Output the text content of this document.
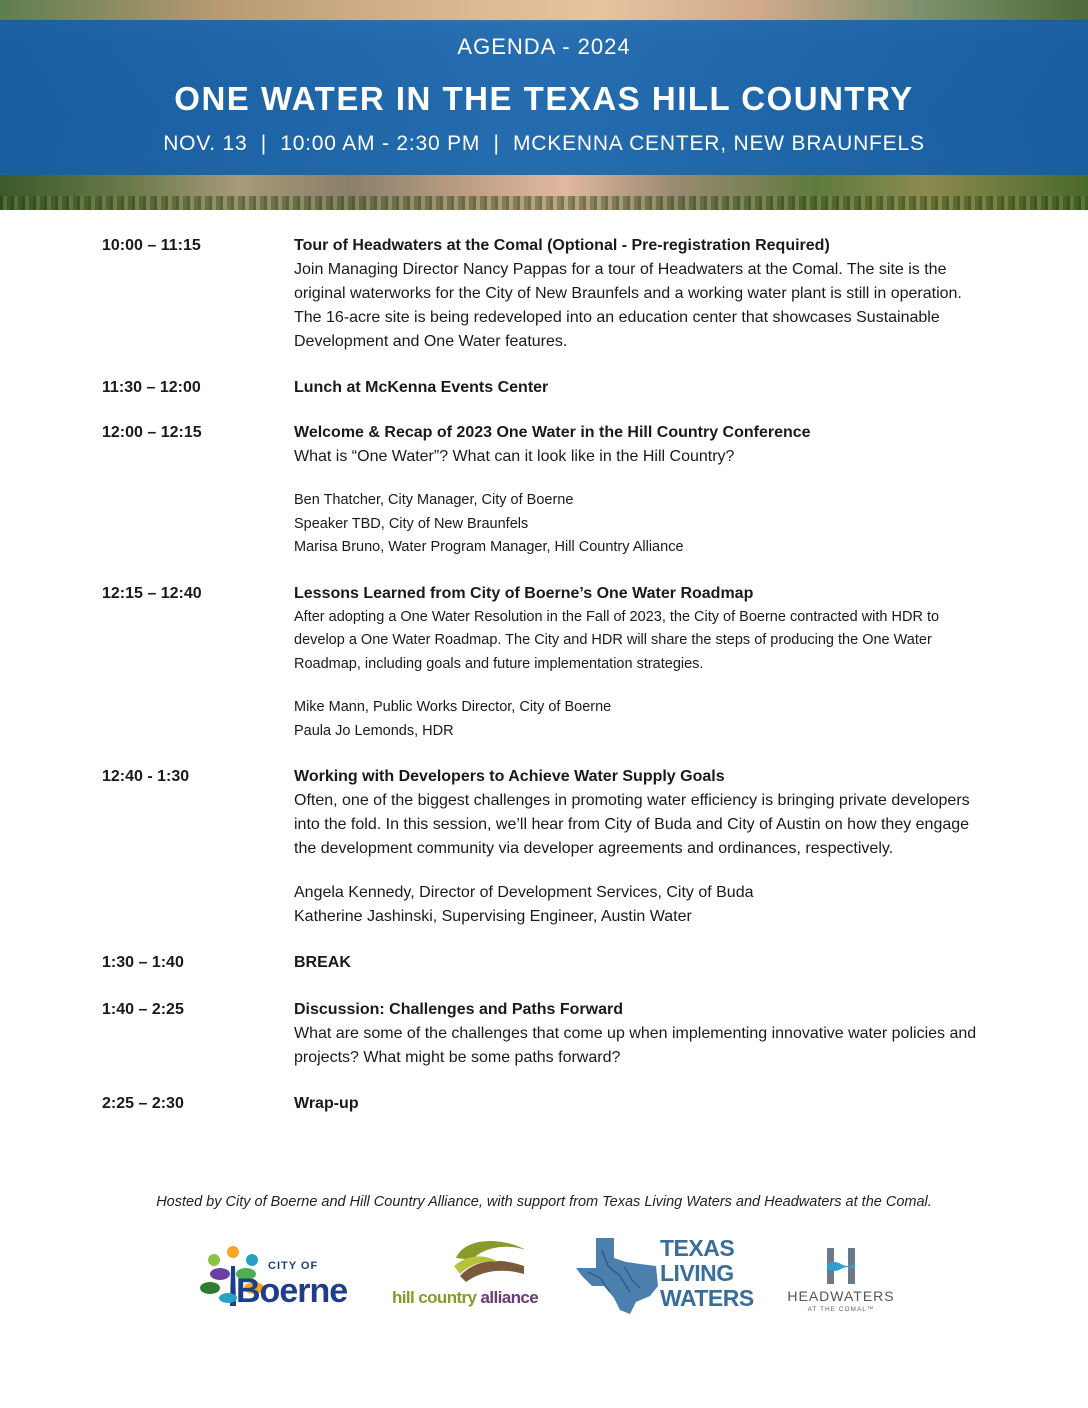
AGENDA - 2024
ONE WATER IN THE TEXAS HILL COUNTRY
NOV. 13  |  10:00 AM - 2:30 PM  |  MCKENNA CENTER, NEW BRAUNFELS
10:00 – 11:15	Tour of Headwaters at the Comal (Optional - Pre-registration Required)
Join Managing Director Nancy Pappas for a tour of Headwaters at the Comal. The site is the original waterworks for the City of New Braunfels and a working water plant is still in operation. The 16-acre site is being redeveloped into an education center that showcases Sustainable Development and One Water features.
11:30 – 12:00	Lunch at McKenna Events Center
12:00 – 12:15	Welcome & Recap of 2023 One Water in the Hill Country Conference
What is “One Water”? What can it look like in the Hill Country?
Ben Thatcher, City Manager, City of Boerne
Speaker TBD, City of New Braunfels
Marisa Bruno, Water Program Manager, Hill Country Alliance
12:15 – 12:40	Lessons Learned from City of Boerne’s One Water Roadmap
After adopting a One Water Resolution in the Fall of 2023, the City of Boerne contracted with HDR to develop a One Water Roadmap. The City and HDR will share the steps of producing the One Water Roadmap, including goals and future implementation strategies.
Mike Mann, Public Works Director, City of Boerne
Paula Jo Lemonds, HDR
12:40 - 1:30	Working with Developers to Achieve Water Supply Goals
Often, one of the biggest challenges in promoting water efficiency is bringing private developers into the fold. In this session, we’ll hear from City of Buda and City of Austin on how they engage the development community via developer agreements and ordinances, respectively.
Angela Kennedy, Director of Development Services, City of Buda
Katherine Jashinski, Supervising Engineer, Austin Water
1:30 – 1:40	BREAK
1:40 – 2:25	Discussion: Challenges and Paths Forward
What are some of the challenges that come up when implementing innovative water policies and projects? What might be some paths forward?
2:25 – 2:30	Wrap-up
Hosted by City of Boerne and Hill Country Alliance, with support from Texas Living Waters and Headwaters at the Comal.
CITY OF
Boerne	hill country alliance
TEXAS
LIVING
WATERS	HEADWATERS
AT THE COMAL™
